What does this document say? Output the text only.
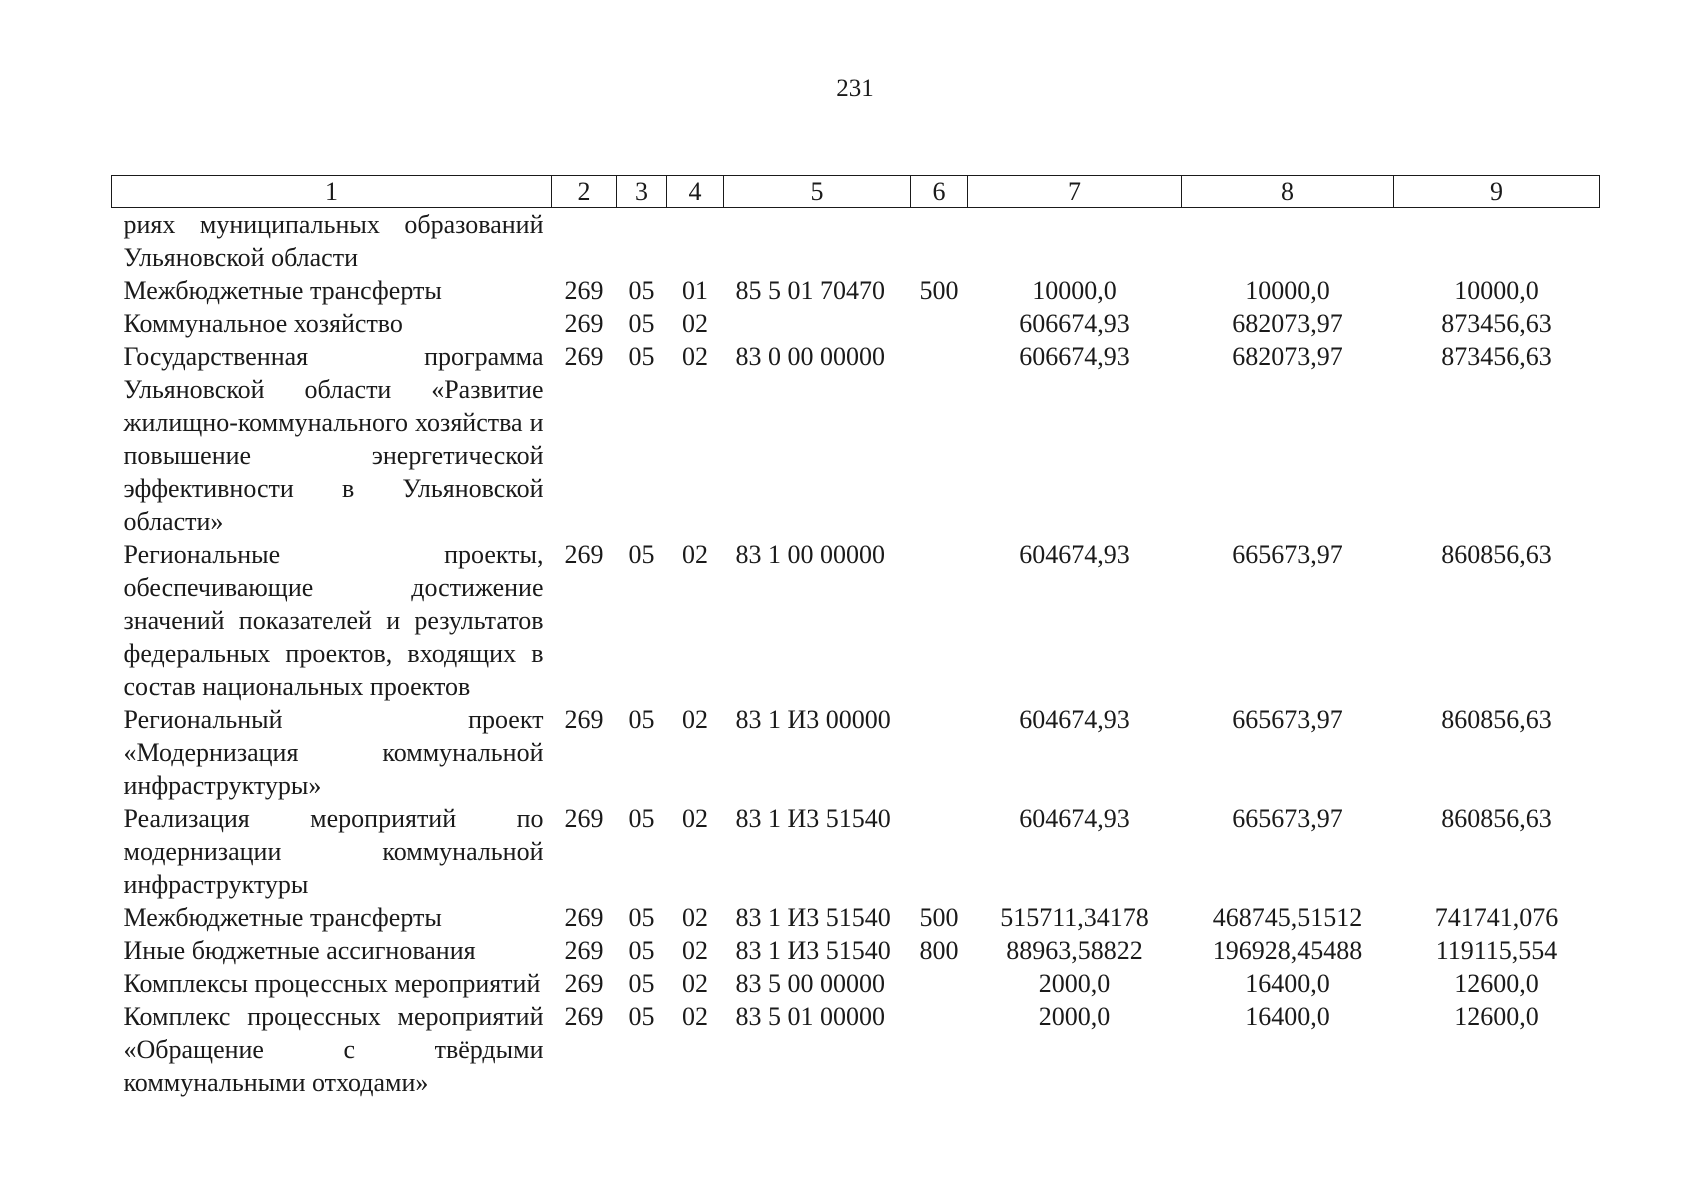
231
1	2	3	4	5	6	7	8	9
риях муниципальных образований Ульяновской области								
Межбюджетные трансферты	269	05	01	85 5 01 70470	500	10000,0	10000,0	10000,0
Коммунальное хозяйство	269	05	02			606674,93	682073,97	873456,63
Государственная программа Ульяновской области «Развитие жилищно-коммунального хозяйства и повышение энергетической эффективности в Ульяновской области»	269	05	02	83 0 00 00000		606674,93	682073,97	873456,63
Региональные проекты, обеспечивающие достижение значений показателей и результатов федеральных проектов, входящих в состав национальных проектов	269	05	02	83 1 00 00000		604674,93	665673,97	860856,63
Региональный проект «Модернизация коммунальной инфраструктуры»	269	05	02	83 1 И3 00000		604674,93	665673,97	860856,63
Реализация мероприятий по модернизации коммунальной инфраструктуры	269	05	02	83 1 И3 51540		604674,93	665673,97	860856,63
Межбюджетные трансферты	269	05	02	83 1 И3 51540	500	515711,34178	468745,51512	741741,076
Иные бюджетные ассигнования	269	05	02	83 1 И3 51540	800	88963,58822	196928,45488	119115,554
Комплексы процессных мероприятий	269	05	02	83 5 00 00000		2000,0	16400,0	12600,0
Комплекс процессных мероприятий «Обращение с твёрдыми коммунальными отходами»	269	05	02	83 5 01 00000		2000,0	16400,0	12600,0
